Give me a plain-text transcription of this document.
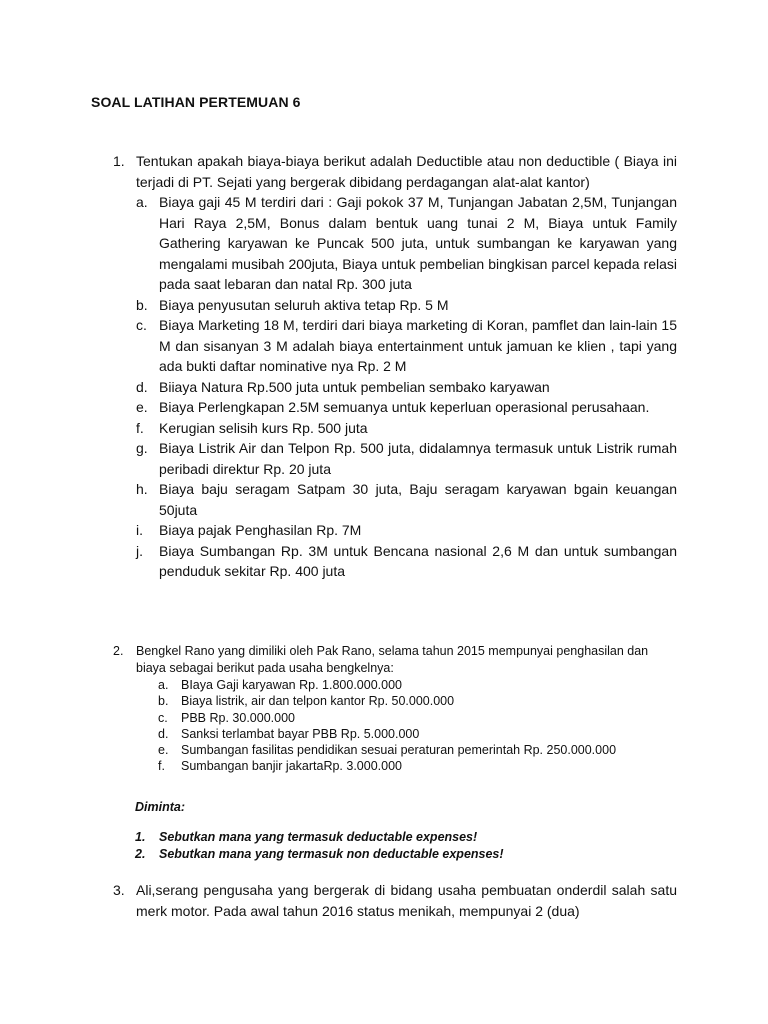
SOAL LATIHAN PERTEMUAN 6
1. Tentukan apakah biaya-biaya berikut adalah Deductible atau non deductible ( Biaya ini terjadi di PT. Sejati yang bergerak dibidang perdagangan alat-alat kantor)
a. Biaya gaji 45 M terdiri dari : Gaji pokok 37 M, Tunjangan Jabatan 2,5M, Tunjangan Hari Raya 2,5M, Bonus dalam bentuk uang tunai 2 M, Biaya untuk Family Gathering karyawan ke Puncak 500 juta, untuk sumbangan ke karyawan yang mengalami musibah 200juta, Biaya untuk pembelian bingkisan parcel kepada relasi pada saat lebaran dan natal Rp. 300 juta
b. Biaya penyusutan seluruh aktiva tetap Rp. 5 M
c. Biaya Marketing 18 M, terdiri dari biaya marketing di Koran, pamflet dan lain-lain 15 M dan sisanyan 3 M adalah biaya entertainment untuk jamuan ke klien , tapi yang ada bukti daftar nominative nya Rp. 2 M
d. Biiaya Natura Rp.500 juta untuk pembelian sembako karyawan
e. Biaya Perlengkapan 2.5M semuanya untuk keperluan operasional perusahaan.
f. Kerugian selisih kurs Rp. 500 juta
g. Biaya Listrik Air dan Telpon Rp. 500 juta, didalamnya termasuk untuk Listrik rumah peribadi direktur Rp. 20 juta
h. Biaya baju seragam Satpam 30 juta, Baju seragam karyawan bgain keuangan 50juta
i. Biaya pajak Penghasilan Rp. 7M
j. Biaya Sumbangan Rp. 3M untuk Bencana nasional 2,6 M dan untuk sumbangan penduduk sekitar Rp. 400 juta
2.	Bengkel Rano yang dimiliki oleh Pak Rano, selama tahun 2015 mempunyai penghasilan dan biaya sebagai berikut pada usaha bengkelnya:
a. BIaya Gaji karyawan Rp. 1.800.000.000
b. Biaya listrik, air dan telpon kantor Rp. 50.000.000
c. PBB Rp. 30.000.000
d. Sanksi terlambat bayar PBB Rp. 5.000.000
e. Sumbangan fasilitas pendidikan sesuai peraturan pemerintah Rp. 250.000.000
f. Sumbangan banjir jakartaRp. 3.000.000
Diminta:
1. Sebutkan mana yang termasuk deductable expenses!
2. Sebutkan mana yang termasuk non deductable expenses!
3. Ali,serang pengusaha yang bergerak di bidang usaha pembuatan onderdil salah satu merk motor. Pada awal tahun 2016 status menikah, mempunyai 2 (dua)
